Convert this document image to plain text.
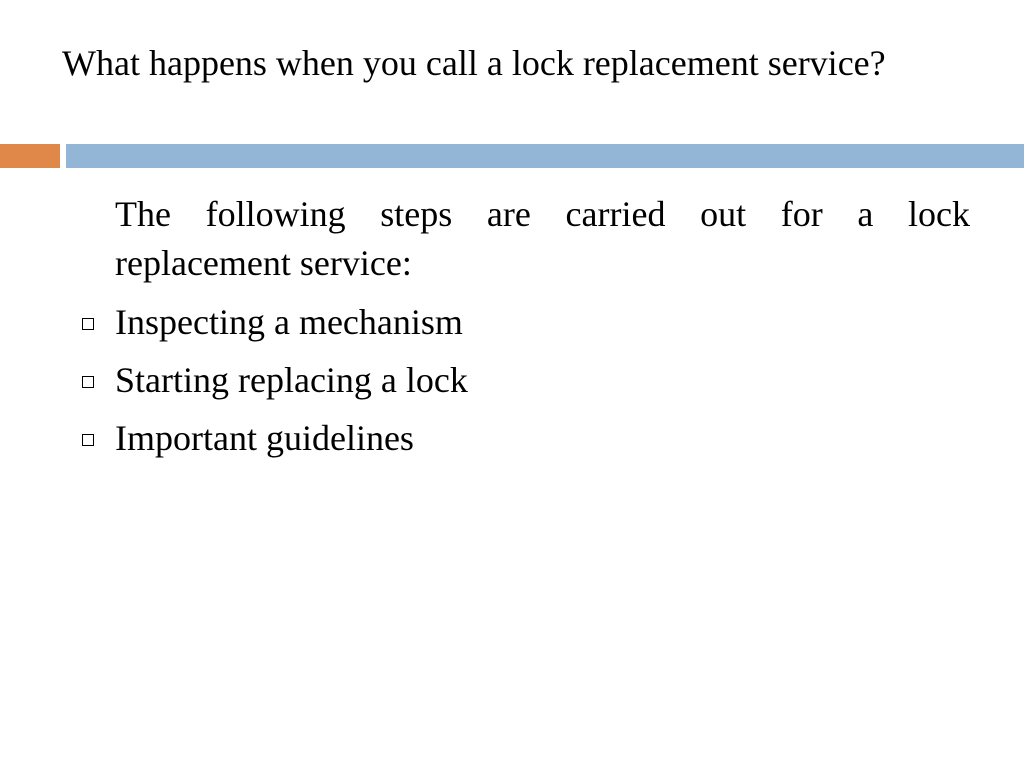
What happens when you call a lock replacement service?
The following steps are carried out for a lock
replacement service:
Inspecting a mechanism
Starting replacing a lock
Important guidelines
